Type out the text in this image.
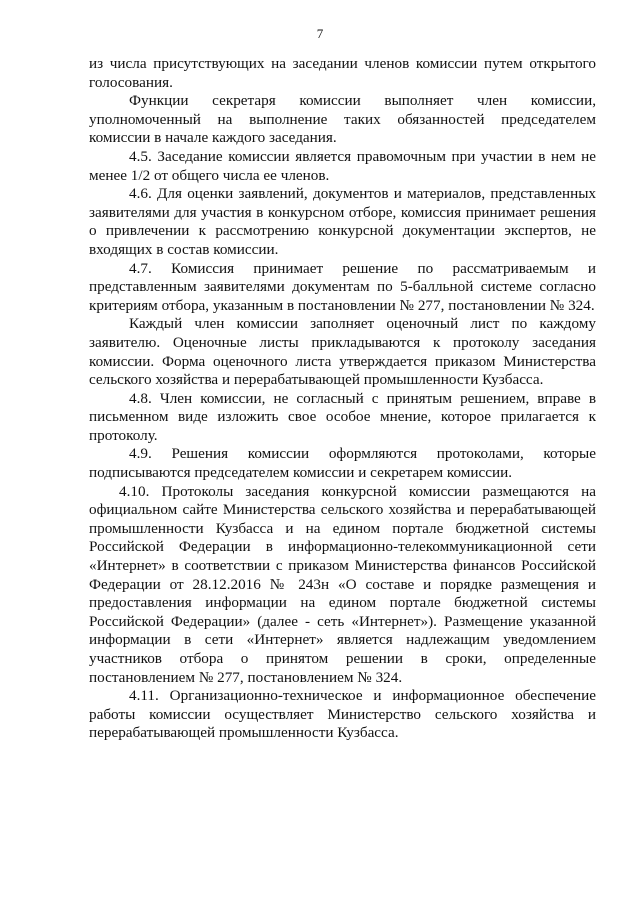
7

из числа присутствующих на заседании членов комиссии путем открытого голосования.

Функции секретаря комиссии выполняет член комиссии, уполномоченный на выполнение таких обязанностей председателем комиссии в начале каждого заседания.

4.5. Заседание комиссии является правомочным при участии в нем не менее 1/2 от общего числа ее членов.

4.6. Для оценки заявлений, документов и материалов, представленных заявителями для участия в конкурсном отборе, комиссия принимает решения о привлечении к рассмотрению конкурсной документации экспертов, не входящих в состав комиссии.

4.7. Комиссия принимает решение по рассматриваемым и представленным заявителями документам по 5-балльной системе согласно критериям отбора, указанным в постановлении № 277, постановлении № 324.

Каждый член комиссии заполняет оценочный лист по каждому заявителю. Оценочные листы прикладываются к протоколу заседания комиссии. Форма оценочного листа утверждается приказом Министерства сельского хозяйства и перерабатывающей промышленности Кузбасса.

4.8. Член комиссии, не согласный с принятым решением, вправе в письменном виде изложить свое особое мнение, которое прилагается к протоколу.

4.9. Решения комиссии оформляются протоколами, которые подписываются председателем комиссии и секретарем комиссии.

4.10. Протоколы заседания конкурсной комиссии размещаются на официальном сайте Министерства сельского хозяйства и перерабатывающей промышленности Кузбасса и на едином портале бюджетной системы Российской Федерации в информационно-телекоммуникационной сети «Интернет» в соответствии с приказом Министерства финансов Российской Федерации от 28.12.2016 № 243н «О составе и порядке размещения и предоставления информации на едином портале бюджетной системы Российской Федерации» (далее - сеть «Интернет»). Размещение указанной информации в сети «Интернет» является надлежащим уведомлением участников отбора о принятом решении в сроки, определенные постановлением № 277, постановлением № 324.

4.11. Организационно-техническое и информационное обеспечение работы комиссии осуществляет Министерство сельского хозяйства и перерабатывающей промышленности Кузбасса.
